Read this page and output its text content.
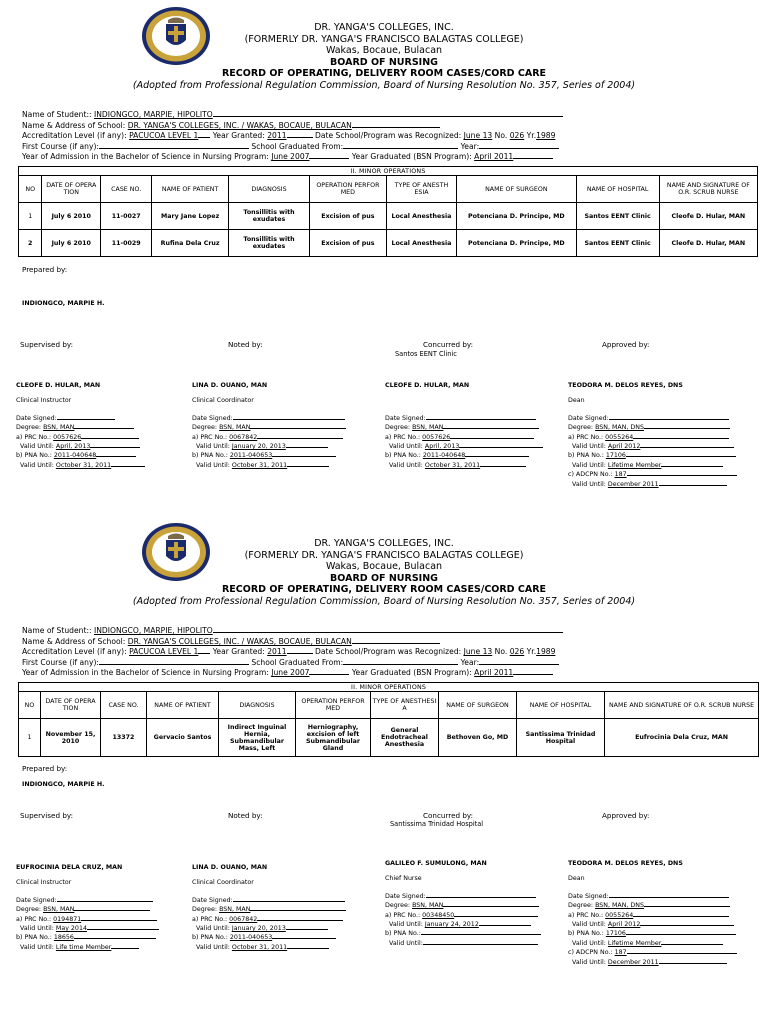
DR. YANGA'S COLLEGES, INC.
(FORMERLY DR. YANGA'S FRANCISCO BALAGTAS COLLEGE)
Wakas, Bocaue, Bulacan
BOARD OF NURSING
RECORD OF OPERATING, DELIVERY ROOM CASES/CORD CARE
(Adopted from Professional Regulation Commission, Board of Nursing Resolution No. 357, Series of 2004)
Name of Student:: INDIONGCO, MARPIE, HIPOLITO
Name & Address of School: DR. YANGA'S COLLEGES, INC. / WAKAS, BOCAUE, BULACAN
Accreditation Level (if any): PACUCOA LEVEL 1 Year Granted: 2011	Date School/Program was Recognized: June 13 No. 026 Yr.1989
First Course (if any):	School Graduated From:	Year:
Year of Admission in the Bachelor of Science in Nursing Program: June 2007	Year Graduated (BSN Program): April 2011
II. MINOR OPERATIONS									
NO	DATE OF OPERA TION	CASE NO.	NAME OF PATIENT	DIAGNOSIS	OPERATION PERFOR MED	TYPE OF ANESTH ESIA	NAME OF SURGEON	NAME OF HOSPITAL	NAME AND SIGNATURE OF O.R. SCRUB NURSE
1	July 6 2010	11-0027	Mary Jane Lopez	Tonsillitis with exudates	Excision of pus	Local Anesthesia	Potenciana D. Principe, MD	Santos EENT Clinic	Cleofe D. Hular, MAN
2	July 6 2010	11-0029	Rufina Dela Cruz	Tonsillitis with exudates	Excision of pus	Local Anesthesia	Potenciana D. Principe, MD	Santos EENT Clinic	Cleofe D. Hular, MAN
Prepared by:
INDIONGCO, MARPIE H.
Supervised by:	Noted by:	Concurred by:
Santos EENT Clinic
Approved by:
CLEOFE D. HULAR, MAN
Clinical Instructor
Date Signed:
Degree: BSN, MAN
a) PRC No.: 0057626
Valid Until: April, 2013
b) PNA No.: 2011-040648
Valid Until: October 31, 2011
LINA D. OUANO, MAN
Clinical Coordinator
Date Signed:
Degree: BSN, MAN
a) PRC No.: 0067842
Valid Until: January 20, 2013
b) PNA No.: 2011-040653
Valid Until: October 31, 2011
CLEOFE D. HULAR, MAN
Date Signed:
Degree: BSN, MAN
a) PRC No.: 0057626
Valid Until: April, 2013
b) PNA No.: 2011-040648
Valid Until: October 31, 2011
TEODORA M. DELOS REYES, DNS
Dean
Date Signed:
Degree: BSN, MAN, DNS
a) PRC No.: 0055264
Valid Until: April 2012
b) PNA No.: 17106
Valid Until: Lifetime Member
c) ADCPN No.: 187
Valid Until: December 2011
DR. YANGA'S COLLEGES, INC.
(FORMERLY DR. YANGA'S FRANCISCO BALAGTAS COLLEGE)
Wakas, Bocaue, Bulacan
BOARD OF NURSING
RECORD OF OPERATING, DELIVERY ROOM CASES/CORD CARE
(Adopted from Professional Regulation Commission, Board of Nursing Resolution No. 357, Series of 2004)
Name of Student:: INDIONGCO, MARPIE, HIPOLITO
Name & Address of School: DR. YANGA'S COLLEGES, INC. / WAKAS, BOCAUE, BULACAN
Accreditation Level (if any): PACUCOA LEVEL 1 Year Granted: 2011	Date School/Program was Recognized: June 13 No. 026 Yr.1989
First Course (if any):	School Graduated From:	Year:
Year of Admission in the Bachelor of Science in Nursing Program: June 2007	Year Graduated (BSN Program): April 2011
II. MINOR OPERATIONS									
NO	DATE OF OPERA TION	CASE NO.	NAME OF PATIENT	DIAGNOSIS	OPERATION PERFOR MED	TYPE OF ANESTHESI A	NAME OF SURGEON	NAME OF HOSPITAL	NAME AND SIGNATURE OF O.R. SCRUB NURSE
1	November 15, 2010	13372	Gervacio Santos	Indirect Inguinal Hernia, Submandibular Mass, Left	Herniography, excision of left Submandibular Gland	General Endotracheal Anesthesia	Bethoven Go, MD	Santissima Trinidad Hospital	Eufrocinia Dela Cruz, MAN
Prepared by:
INDIONGCO, MARPIE H.
Supervised by:	Noted by:	Concurred by:
Santissima Trinidad Hospital
Approved by:
EUFROCINIA DELA CRUZ, MAN
Clinical Instructor
Date Signed:
Degree: BSN, MAN
a) PRC No.: 0194871
Valid Until: May 2014
b) PNA No.: 18656
Valid Until: Life time Member
LINA D. OUANO, MAN
Clinical Coordinator
Date Signed:
Degree: BSN, MAN
a) PRC No.: 0067842
Valid Until: January 20, 2013
b) PNA No.: 2011-040653
Valid Until: October 31, 2011
GALILEO F. SUMULONG, MAN
Chief Nurse
Date Signed:
Degree: BSN, MAN
a) PRC No.: 00348450
Valid Until: January 24, 2012
b) PNA No.:
Valid Until:
TEODORA M. DELOS REYES, DNS
Dean
Date Signed:
Degree: BSN, MAN, DNS
a) PRC No.: 0055264
Valid Until: April 2012
b) PNA No.: 17106
Valid Until: Lifetime Member
c) ADCPN No.: 187
Valid Until: December 2011
